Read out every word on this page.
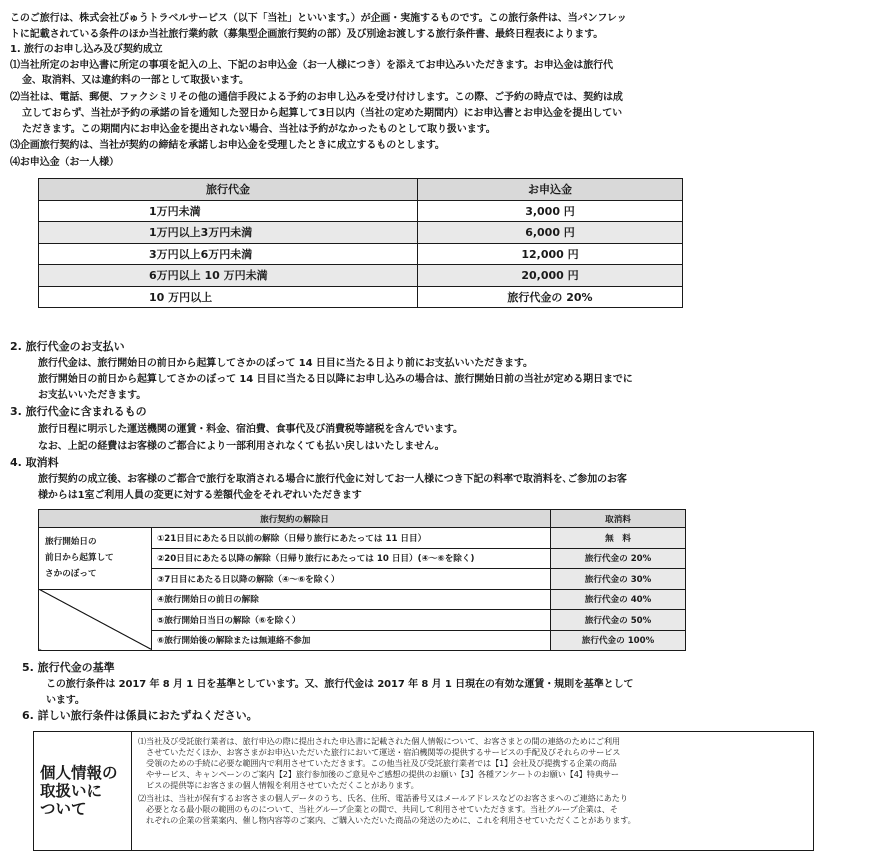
このご旅行は、株式会社びゅうトラベルサービス（以下「当社」といいます。）が企画・実施するものです。この旅行条件は、当パンフレッ
トに記載されている条件のほか当社旅行業約款（募集型企画旅行契約の部）及び別途お渡しする旅行条件書、最終日程表によります。
1. 旅行のお申し込み及び契約成立
⑴当社所定のお申込書に所定の事項を記入の上、下記のお申込金（お一人様につき）を添えてお申込みいただきます。お申込金は旅行代
金、取消料、又は違約料の一部として取扱います。
⑵当社は、電話、郵便、ファクシミリその他の通信手段による予約のお申し込みを受け付けします。この際、ご予約の時点では、契約は成
立しておらず、当社が予約の承諾の旨を通知した翌日から起算して3日以内（当社の定めた期間内）にお申込書とお申込金を提出してい
ただきます。この期間内にお申込金を提出されない場合、当社は予約がなかったものとして取り扱います。
⑶企画旅行契約は、当社が契約の締結を承諾しお申込金を受理したときに成立するものとします。
⑷お申込金（お一人様）
旅行代金	お申込金
1万円未満	3,000 円
1万円以上3万円未満	6,000 円
3万円以上6万円未満	12,000 円
6万円以上 10 万円未満	20,000 円
10 万円以上	旅行代金の 20%
2. 旅行代金のお支払い
旅行代金は、旅行開始日の前日から起算してさかのぼって 14 日目に当たる日より前にお支払いいただきます。
旅行開始日の前日から起算してさかのぼって 14 日目に当たる日以降にお申し込みの場合は、旅行開始日前の当社が定める期日までに
お支払いいただきます。
3. 旅行代金に含まれるもの
旅行日程に明示した運送機関の運賃・料金、宿泊費、食事代及び消費税等諸税を含んでいます。
なお、上記の経費はお客様のご都合により一部利用されなくても払い戻しはいたしません。
4. 取消料
旅行契約の成立後、お客様のご都合で旅行を取消される場合に旅行代金に対してお一人様につき下記の料率で取消料を､ご参加のお客
様からは1室ご利用人員の変更に対する差額代金をそれぞれいただきます
旅行契約の解除日		取消料
旅行開始日の
前日から起算して
さかのぼって	①21日目にあたる日以前の解除（日帰り旅行にあたっては 11 日目）	無　料
	②20日目にあたる以降の解除（日帰り旅行にあたっては 10 日目）(④〜⑥を除く)	旅行代金の 20%
	③7日目にあたる日以降の解除（④〜⑥を除く）	旅行代金の 30%
	④旅行開始日の前日の解除	旅行代金の 40%
	⑤旅行開始日当日の解除（⑥を除く）	旅行代金の 50%
	⑥旅行開始後の解除または無連絡不参加	旅行代金の 100%
5. 旅行代金の基準
この旅行条件は 2017 年 8 月 1 日を基準としています。又、旅行代金は 2017 年 8 月 1 日現在の有効な運賃・規則を基準として
います。
6. 詳しい旅行条件は係員におたずねください。
個人情報の
取扱いに
ついて
⑴当社及び受託旅行業者は、旅行申込の際に提出された申込書に記載された個人情報について、お客さまとの間の連絡のためにご利用
　させていただくほか、お客さまがお申込いただいた旅行において運送・宿泊機関等の提供するサービスの手配及びそれらのサービス
　受領のための手続に必要な範囲内で利用させていただきます。この他当社及び受託旅行業者では【1】会社及び提携する企業の商品
　やサービス、キャンペーンのご案内【2】旅行参加後のご意見やご感想の提供のお願い【3】各種アンケートのお願い【4】特典サー
　ビスの提供等にお客さまの個人情報を利用させていただくことがあります。
⑵当社は、当社が保有するお客さまの個人データのうち、氏名、住所、電話番号又はメールアドレスなどのお客さまへのご連絡にあたり
　必要となる最小限の範囲のものについて、当社グループ企業との間で、共同して利用させていただきます。当社グループ企業は、そ
　れぞれの企業の営業案内、催し物内容等のご案内、ご購入いただいた商品の発送のために、これを利用させていただくことがあります。
